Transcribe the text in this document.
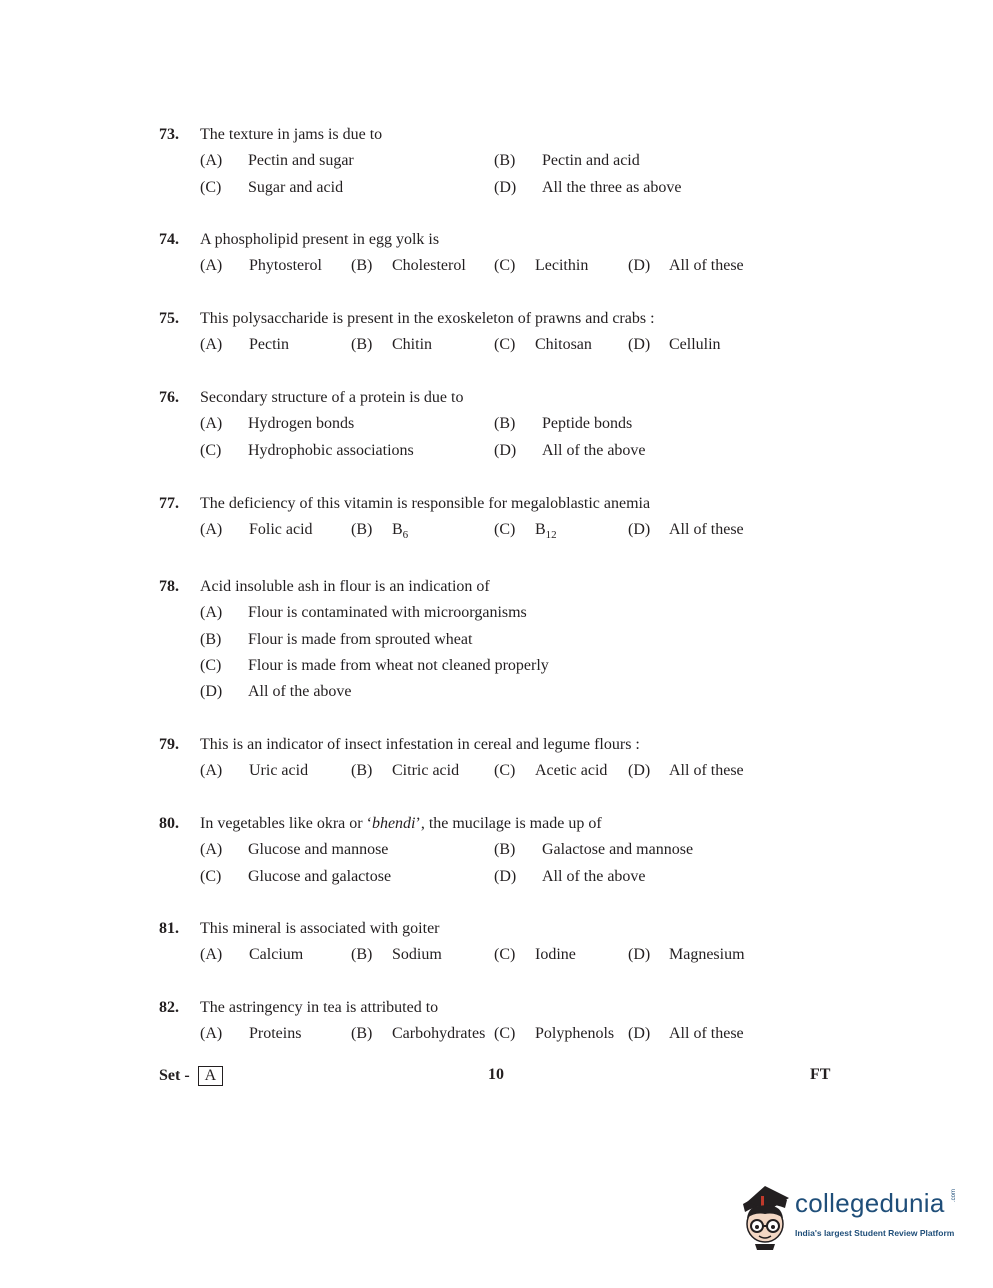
73. The texture in jams is due to
(A) Pectin and sugar	(B) Pectin and acid
(C) Sugar and acid	(D) All the three as above
74. A phospholipid present in egg yolk is
(A) Phytosterol (B) Cholesterol (C) Lecithin (D) All of these
75. This polysaccharide is present in the exoskeleton of prawns and crabs :
(A) Pectin	(B) Chitin	(C) Chitosan (D) Cellulin
76. Secondary structure of a protein is due to
(A) Hydrogen bonds	(B) Peptide bonds
(C) Hydrophobic associations	(D) All of the above
77. The deficiency of this vitamin is responsible for megaloblastic anemia
(A) Folic acid (B) $B_6$	(C) $B_{12}$	(D) All of these
78. Acid insoluble ash in flour is an indication of
(A) Flour is contaminated with microorganisms
(B) Flour is made from sprouted wheat
(C) Flour is made from wheat not cleaned properly
(D) All of the above
79. This is an indicator of insect infestation in cereal and legume flours :
(A) Uric acid	(B) Citric acid (C) Acetic acid (D) All of these
80. In vegetables like okra or ‘bhendi’, the mucilage is made up of
(A) Glucose and mannose	(B) Galactose and mannose
(C) Glucose and galactose	(D) All of the above
81. This mineral is associated with goiter
(A) Calcium	(B) Sodium	(C) Iodine	(D) Magnesium
82. The astringency in tea is attributed to
(A) Proteins	(B) Carbohydrates (C) Polyphenols (D) All of these
Set - A	10	FT
collegedunia .com
India's largest Student Review Platform
